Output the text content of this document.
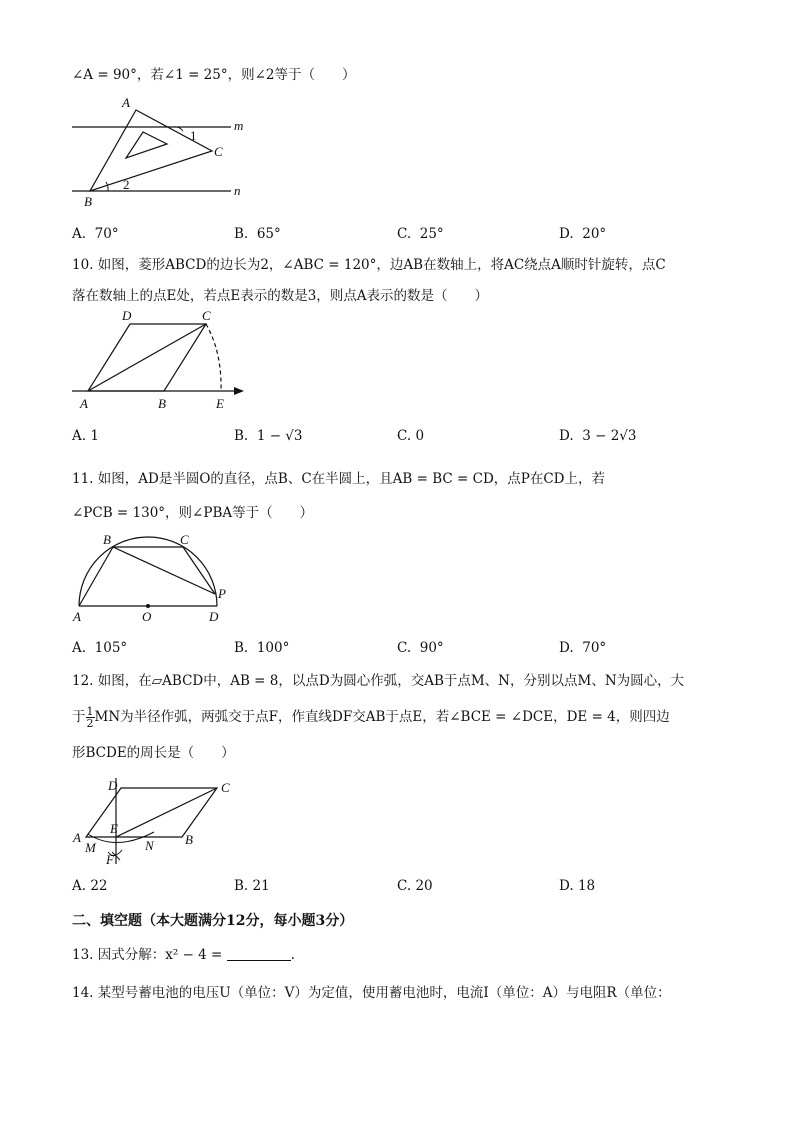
∠A = 90°，若∠1 = 25°，则∠2等于（　　）
A
B
C
m
n
1
2
A. 70°	B. 65°	C. 25°	D. 20°
10. 如图，菱形ABCD的边长为2，∠ABC = 120°，边AB在数轴上，将AC绕点A顺时针旋转，点C
落在数轴上的点E处，若点E表示的数是3，则点A表示的数是（　　）
D	C
A	B	E
A. 1	B. 1 − √3	C. 0	D. 3 − 2√3
11. 如图，AD是半圆O的直径，点B、C在半圆上，且AB = BC = CD，点P在CD上，若
∠PCB = 130°，则∠PBA等于（　　）
B	C
P
A	O	D
A. 105°	B. 100°	C. 90°	D. 70°
12. 如图，在▱ABCD中，AB = 8，以点D为圆心作弧，交AB于点M、N，分别以点M、N为圆心，大
于 $\frac{1}{2}$ MN为半径作弧，两弧交于点F，作直线DF交AB于点E，若∠BCE = ∠DCE，DE = 4，则四边
形BCDE的周长是（　　）
D	C
A
E
B
M	N
F
A. 22	B. 21	C. 20	D. 18
二、填空题（本大题满分12分，每小题3分）
13. 因式分解：x² − 4 =	.
14. 某型号蓄电池的电压U（单位：V）为定值，使用蓄电池时，电流I（单位：A）与电阻R（单位：
